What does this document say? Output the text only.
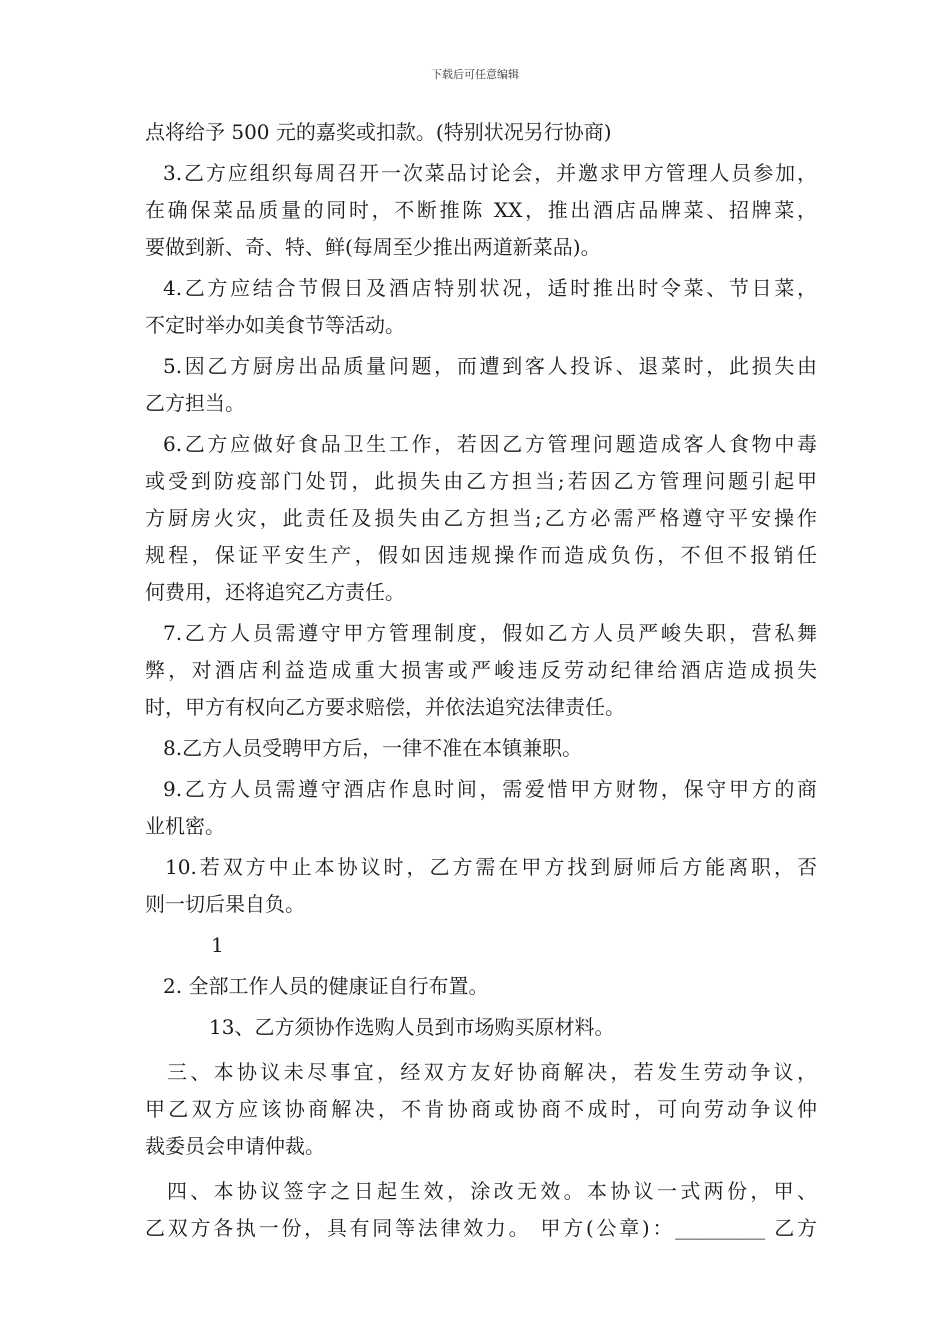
下载后可任意编辑
点将给予 500 元的嘉奖或扣款。(特别状况另行协商)
3.乙方应组织每周召开一次菜品讨论会，并邀求甲方管理人员参加，
在确保菜品质量的同时，不断推陈 XX，推出酒店品牌菜、招牌菜，
要做到新、奇、特、鲜(每周至少推出两道新菜品)。
4.乙方应结合节假日及酒店特别状况，适时推出时令菜、节日菜，
不定时举办如美食节等活动。
5.因乙方厨房出品质量问题，而遭到客人投诉、退菜时，此损失由
乙方担当。
6.乙方应做好食品卫生工作，若因乙方管理问题造成客人食物中毒
或受到防疫部门处罚，此损失由乙方担当;若因乙方管理问题引起甲
方厨房火灾，此责任及损失由乙方担当;乙方必需严格遵守平安操作
规程，保证平安生产，假如因违规操作而造成负伤，不但不报销任
何费用，还将追究乙方责任。
7.乙方人员需遵守甲方管理制度，假如乙方人员严峻失职，营私舞
弊，对酒店利益造成重大损害或严峻违反劳动纪律给酒店造成损失
时，甲方有权向乙方要求赔偿，并依法追究法律责任。
8.乙方人员受聘甲方后，一律不准在本镇兼职。
9.乙方人员需遵守酒店作息时间，需爱惜甲方财物，保守甲方的商
业机密。
10.若双方中止本协议时，乙方需在甲方找到厨师后方能离职，否
则一切后果自负。
1
2. 全部工作人员的健康证自行布置。
13、乙方须协作选购人员到市场购买原材料。
三、本协议未尽事宜，经双方友好协商解决，若发生劳动争议，
甲乙双方应该协商解决，不肯协商或协商不成时，可向劳动争议仲
裁委员会申请仲裁。
四、本协议签字之日起生效，涂改无效。本协议一式两份，甲、
乙双方各执一份，具有同等法律效力。 甲方(公章)：_________ 乙方
